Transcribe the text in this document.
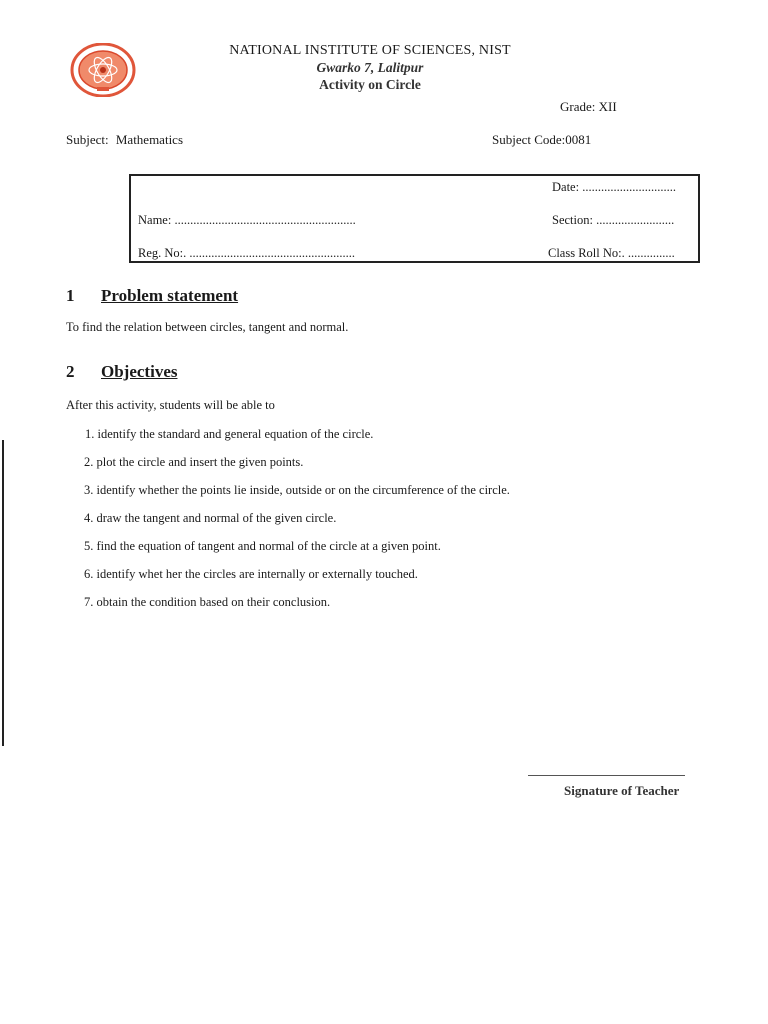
NATIONAL INSTITUTE OF SCIENCES, NIST
Gwarko 7, Lalitpur
Activity on Circle
Grade: XII
Subject: Mathematics	Subject Code:0081
Date: ..............................
Name: ..........................................................	Section: .........................
Reg. No:. .....................................................	Class Roll No:. ...............
1 Problem statement
To find the relation between circles, tangent and normal.
2 Objectives
After this activity, students will be able to
1. identify the standard and general equation of the circle.
2. plot the circle and insert the given points.
3. identify whether the points lie inside, outside or on the circumference of the circle.
4. draw the tangent and normal of the given circle.
5. find the equation of tangent and normal of the circle at a given point.
6. identify whet her the circles are internally or externally touched.
7. obtain the condition based on their conclusion.
Signature of Teacher
